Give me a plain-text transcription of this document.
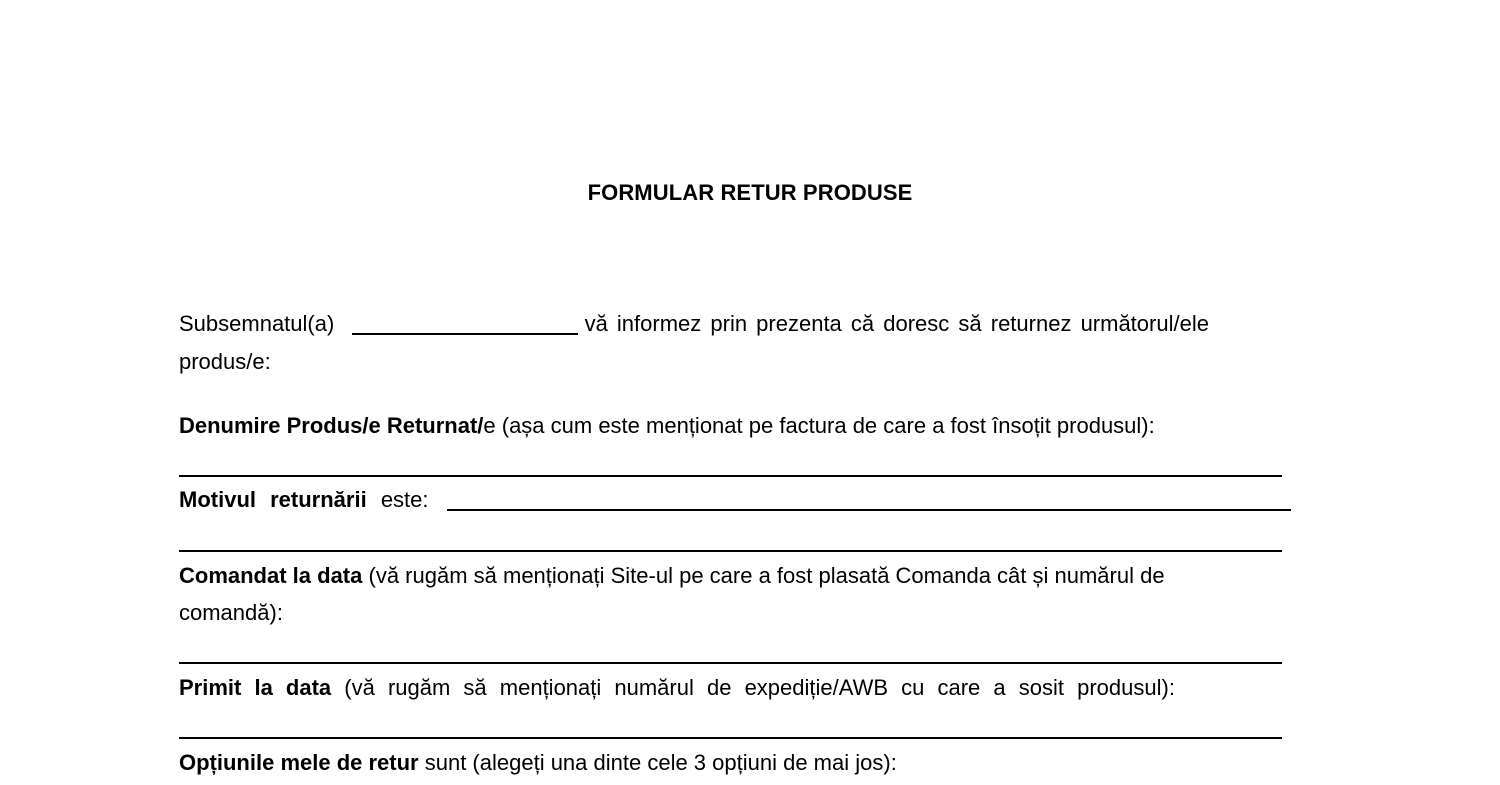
FORMULAR RETUR PRODUSE
Subsemnatul(a)	vă informez prin prezenta că doresc să returnez următorul/ele
produs/e:
Denumire Produs/e Returnat/e (așa cum este menționat pe factura de care a fost însoțit produsul):
Motivul returnării este:
Comandat la data (vă rugăm să menționați Site-ul pe care a fost plasată Comanda cât și numărul de
comandă):
Primit la data (vă rugăm să menționați numărul de expediție/AWB cu care a sosit produsul):
Opțiunile mele de retur sunt (alegeți una dinte cele 3 opțiuni de mai jos):
